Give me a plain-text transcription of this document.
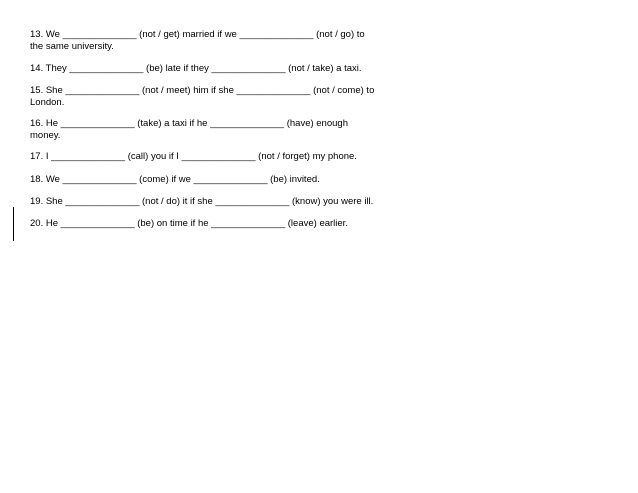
13. We ______________ (not / get) married if we ______________ (not / go) to
the same university.

14. They ______________ (be) late if they ______________ (not / take) a taxi.

15. She ______________ (not / meet) him if she ______________ (not / come) to
London.

16. He ______________ (take) a taxi if he ______________ (have) enough
money.

17. I ______________ (call) you if I ______________ (not / forget) my phone.

18. We ______________ (come) if we ______________ (be) invited.

19. She ______________ (not / do) it if she ______________ (know) you were ill.

20. He ______________ (be) on time if he ______________ (leave) earlier.
